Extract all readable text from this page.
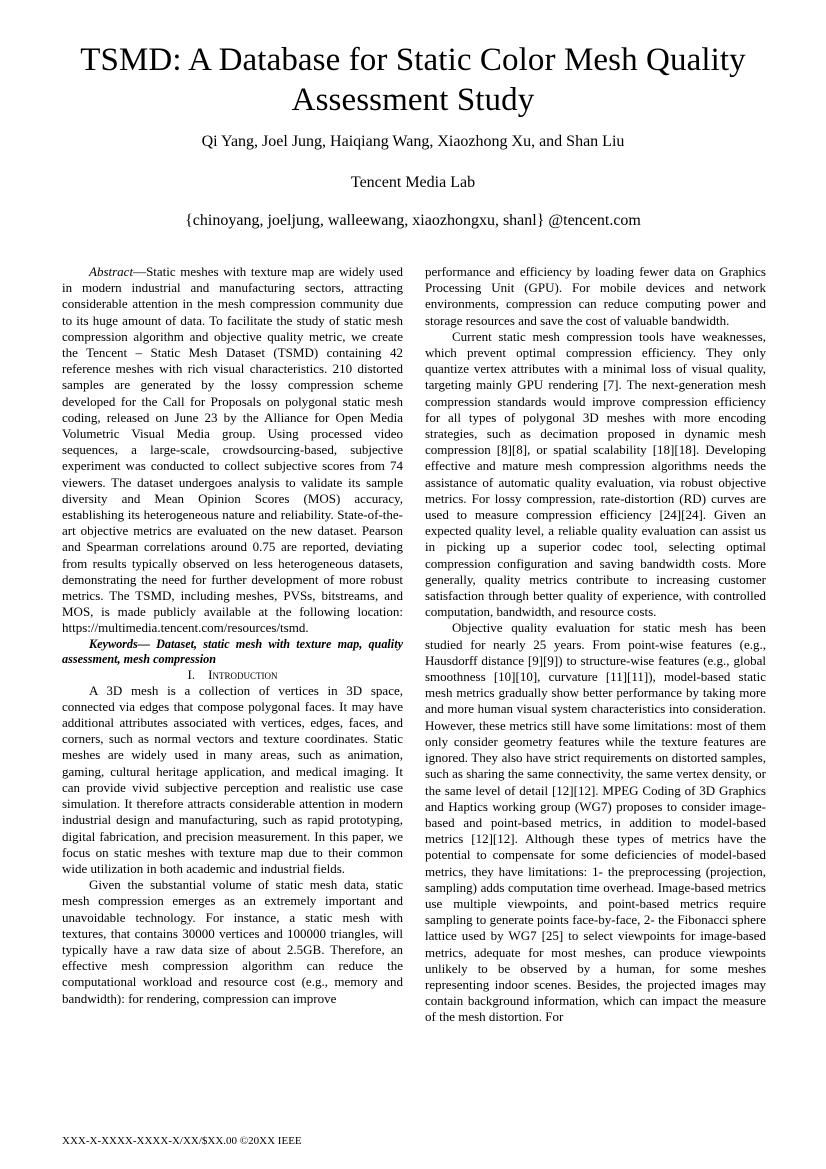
TSMD: A Database for Static Color Mesh Quality Assessment Study
Qi Yang, Joel Jung, Haiqiang Wang, Xiaozhong Xu, and Shan Liu
Tencent Media Lab
{chinoyang, joeljung, walleewang, xiaozhongxu, shanl} @tencent.com

Abstract—Static meshes with texture map are widely used in modern industrial and manufacturing sectors, attracting considerable attention in the mesh compression community due to its huge amount of data. To facilitate the study of static mesh compression algorithm and objective quality metric, we create the Tencent – Static Mesh Dataset (TSMD) containing 42 reference meshes with rich visual characteristics. 210 distorted samples are generated by the lossy compression scheme developed for the Call for Proposals on polygonal static mesh coding, released on June 23 by the Alliance for Open Media Volumetric Visual Media group. Using processed video sequences, a large-scale, crowdsourcing-based, subjective experiment was conducted to collect subjective scores from 74 viewers. The dataset undergoes analysis to validate its sample diversity and Mean Opinion Scores (MOS) accuracy, establishing its heterogeneous nature and reliability. State-of-the-art objective metrics are evaluated on the new dataset. Pearson and Spearman correlations around 0.75 are reported, deviating from results typically observed on less heterogeneous datasets, demonstrating the need for further development of more robust metrics. The TSMD, including meshes, PVSs, bitstreams, and MOS, is made publicly available at the following location: https://multimedia.tencent.com/resources/tsmd.

Keywords— Dataset, static mesh with texture map, quality assessment, mesh compression

I. Introduction

A 3D mesh is a collection of vertices in 3D space, connected via edges that compose polygonal faces. It may have additional attributes associated with vertices, edges, faces, and corners, such as normal vectors and texture coordinates. Static meshes are widely used in many areas, such as animation, gaming, cultural heritage application, and medical imaging. It can provide vivid subjective perception and realistic use case simulation. It therefore attracts considerable attention in modern industrial design and manufacturing, such as rapid prototyping, digital fabrication, and precision measurement. In this paper, we focus on static meshes with texture map due to their common wide utilization in both academic and industrial fields.

Given the substantial volume of static mesh data, static mesh compression emerges as an extremely important and unavoidable technology. For instance, a static mesh with textures, that contains 30000 vertices and 100000 triangles, will typically have a raw data size of about 2.5GB. Therefore, an effective mesh compression algorithm can reduce the computational workload and resource cost (e.g., memory and bandwidth): for rendering, compression can improve

performance and efficiency by loading fewer data on Graphics Processing Unit (GPU). For mobile devices and network environments, compression can reduce computing power and storage resources and save the cost of valuable bandwidth.

Current static mesh compression tools have weaknesses, which prevent optimal compression efficiency. They only quantize vertex attributes with a minimal loss of visual quality, targeting mainly GPU rendering [7]. The next-generation mesh compression standards would improve compression efficiency for all types of polygonal 3D meshes with more encoding strategies, such as decimation proposed in dynamic mesh compression [8][8], or spatial scalability [18][18]. Developing effective and mature mesh compression algorithms needs the assistance of automatic quality evaluation, via robust objective metrics. For lossy compression, rate-distortion (RD) curves are used to measure compression efficiency [24][24]. Given an expected quality level, a reliable quality evaluation can assist us in picking up a superior codec tool, selecting optimal compression configuration and saving bandwidth costs. More generally, quality metrics contribute to increasing customer satisfaction through better quality of experience, with controlled computation, bandwidth, and resource costs.

Objective quality evaluation for static mesh has been studied for nearly 25 years. From point-wise features (e.g., Hausdorff distance [9][9]) to structure-wise features (e.g., global smoothness [10][10], curvature [11][11]), model-based static mesh metrics gradually show better performance by taking more and more human visual system characteristics into consideration. However, these metrics still have some limitations: most of them only consider geometry features while the texture features are ignored. They also have strict requirements on distorted samples, such as sharing the same connectivity, the same vertex density, or the same level of detail [12][12]. MPEG Coding of 3D Graphics and Haptics working group (WG7) proposes to consider image-based and point-based metrics, in addition to model-based metrics [12][12]. Although these types of metrics have the potential to compensate for some deficiencies of model-based metrics, they have limitations: 1- the preprocessing (projection, sampling) adds computation time overhead. Image-based metrics use multiple viewpoints, and point-based metrics require sampling to generate points face-by-face, 2- the Fibonacci sphere lattice used by WG7 [25] to select viewpoints for image-based metrics, adequate for most meshes, can produce viewpoints unlikely to be observed by a human, for some meshes representing indoor scenes. Besides, the projected images may contain background information, which can impact the measure of the mesh distortion. For

XXX-X-XXXX-XXXX-X/XX/$XX.00 ©20XX IEEE
